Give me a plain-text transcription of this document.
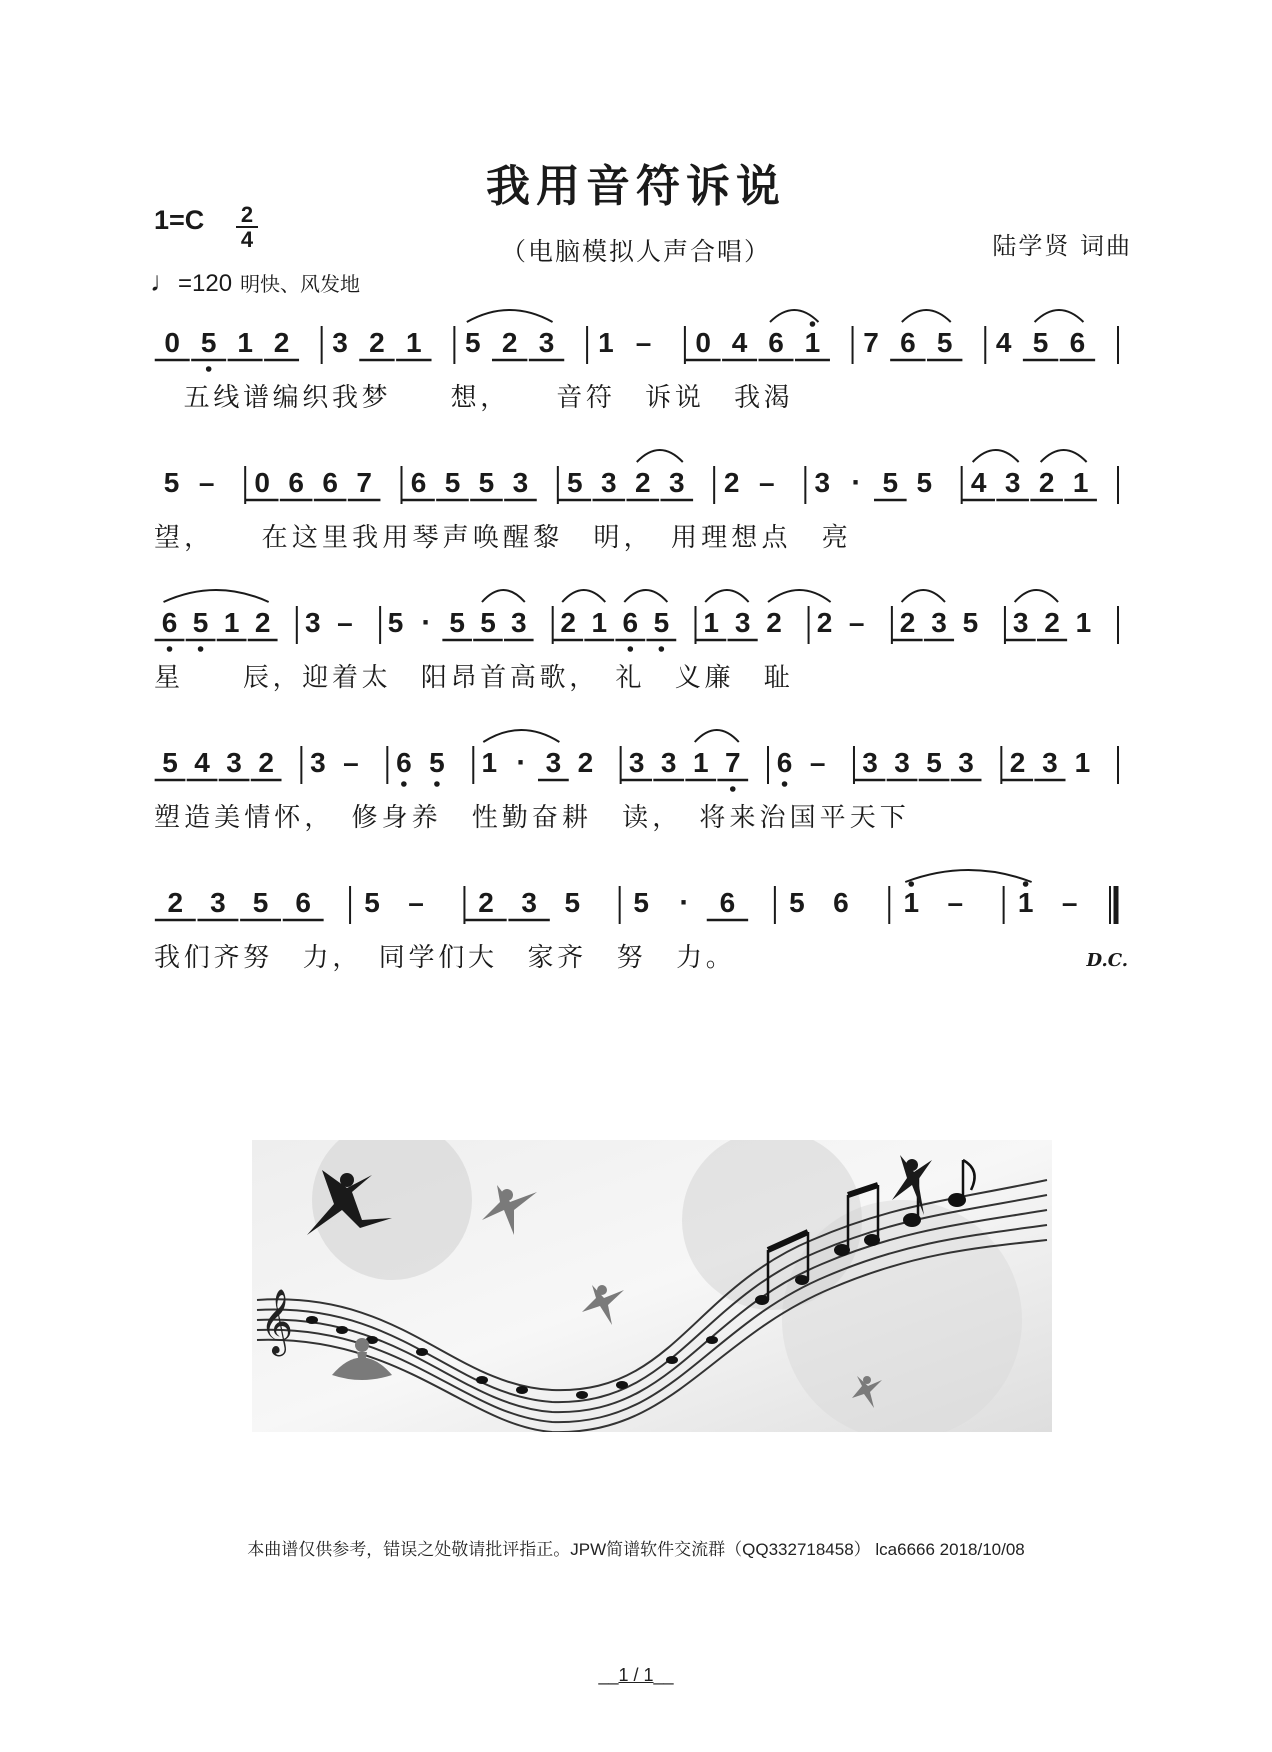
我用音符诉说
（电脑模拟人声合唱）	陆学贤 词曲
1=C 2
4
♩=120 明快、风发地
0 5 1 2 3 2 1 5 2 3 1 – 0 4 6 1 7 6 5 4 5 6
　五线谱编织我梦　　想，　　音符　诉说　我渴
5 – 0 6 6 7 6 5 5 3 5 3 2 3 2 – 3 · 5 5 4 3 2 1
望，　　在这里我用琴声唤醒黎　明，　用理想点　亮
6 5 1 2 3 – 5 · 5 5 3 2 1 6 5 1 3 2 2 – 2 3 5 3 2 1
星　　辰，迎着太　阳昂首高歌，　礼　义廉　耻
5 4 3 2 3 – 6 5 1 · 3 2 3 3 1 7 6 – 3 3 5 3 2 3 1
塑造美情怀，　修身养　性勤奋耕　读，　将来治国平天下
2 3 5 6 5 – 2 3 5 5 · 6 5 6 1 – 1 –
我们齐努　力，　同学们大　家齐　努　力。	D.C.
𝄞
本曲谱仅供参考，错误之处敬请批评指正。JPW简谱软件交流群（QQ332718458） lca6666 2018/10/08
__1 / 1__
